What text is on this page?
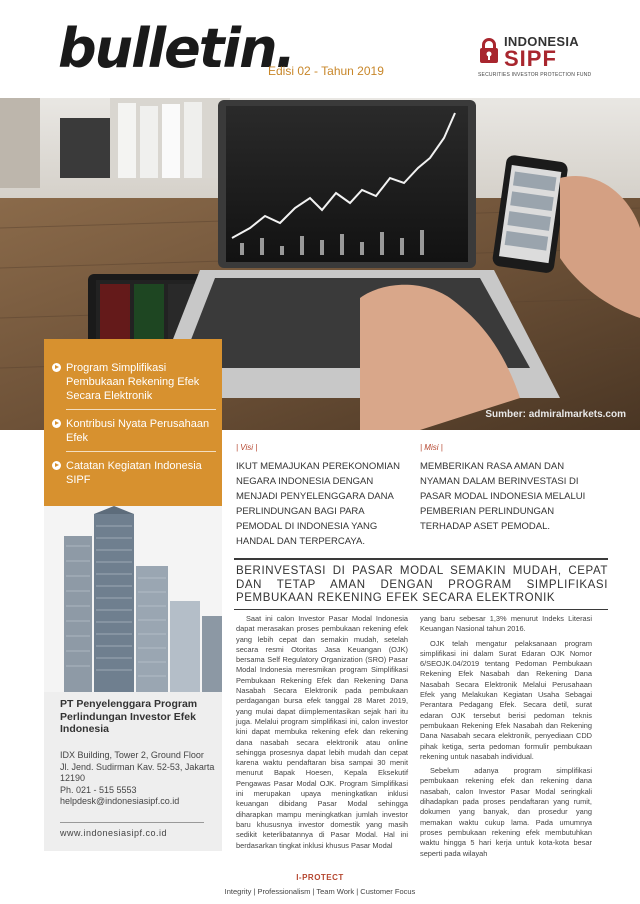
bulletin.
Edisi 02 - Tahun 2019
INDONESIA
SIPF
SECURITIES INVESTOR PROTECTION FUND
Sumber: admiralmarkets.com
Program Simplifikasi Pembukaan Rekening Efek Secara Elektronik
Kontribusi Nyata Perusahaan Efek
Catatan Kegiatan Indonesia SIPF
PT Penyelenggara Program Perlindungan Investor Efek Indonesia
IDX Building, Tower 2, Ground Floor
Jl. Jend. Sudirman Kav. 52-53, Jakarta
12190
Ph. 021 - 515 5553
helpdesk@indonesiasipf.co.id
www.indonesiasipf.co.id
| Visi |
IKUT MEMAJUKAN PEREKONOMIAN NEGARA INDONESIA DENGAN MENJADI PENYELENGGARA DANA PERLINDUNGAN BAGI PARA PEMODAL DI INDONESIA YANG HANDAL DAN TERPERCAYA.
| Misi |
MEMBERIKAN RASA AMAN DAN NYAMAN DALAM BERINVESTASI DI PASAR MODAL INDONESIA MELALUI PEMBERIAN PERLINDUNGAN TERHADAP ASET PEMODAL.
BERINVESTASI DI PASAR MODAL SEMAKIN MUDAH, CEPAT DAN TETAP AMAN DENGAN PROGRAM SIMPLIFIKASI PEMBUKAAN REKENING EFEK SECARA ELEKTRONIK

Saat ini calon Investor Pasar Modal Indonesia dapat merasakan proses pembukaan rekening efek yang lebih cepat dan semakin mudah, setelah secara resmi Otoritas Jasa Keuangan (OJK) bersama Self Regulatory Organization (SRO) Pasar Modal Indonesia meresmikan program Simplifikasi Pembukaan Rekening Efek dan Rekening Dana Nasabah Secara Elektronik pada pembukaan perdagangan bursa efek tanggal 28 Maret 2019, yang mulai dapat diimplementasikan sejak hari itu juga. Melalui program simplifikasi ini, calon investor kini dapat membuka rekening efek dan rekening dana nasabah secara elektronik atau online sehingga prosesnya dapat lebih mudah dan cepat karena waktu pendaftaran bisa sampai 30 menit menurut Bapak Hoesen, Kepala Eksekutif Pengawas Pasar Modal OJK. Program Simplifikasi ini merupakan upaya meningkatkan inklusi keuangan dibidang Pasar Modal sehingga diharapkan mampu meningkatkan jumlah investor baru khususnya investor domestik yang masih sedikit keterlibatannya di Pasar Modal. Hal ini berdasarkan tingkat inklusi khusus Pasar Modal

yang baru sebesar 1,3% menurut Indeks Literasi Keuangan Nasional tahun 2016.

OJK telah mengatur pelaksanaan program simplifikasi ini dalam Surat Edaran OJK Nomor 6/SEOJK.04/2019 tentang Pedoman Pembukaan Rekening Efek Nasabah dan Rekening Dana Nasabah Secara Elektronik Melalui Perusahaan Efek yang Melakukan Kegiatan Usaha Sebagai Perantara Pedagang Efek. Secara detil, surat edaran OJK tersebut berisi pedoman teknis pembukaan Rekening Efek Nasabah dan Rekening Dana Nasabah secara elektronik, penyediaan CDD pihak ketiga, serta pedoman formulir pembukaan rekening untuk nasabah individual.

Sebelum adanya program simplifikasi pembukaan rekening efek dan rekening dana nasabah, calon Investor Pasar Modal seringkali dihadapkan pada proses pendaftaran yang rumit, dokumen yang banyak, dan prosedur yang memakan waktu cukup lama. Pada umumnya proses pembukaan rekening efek membutuhkan waktu hingga 5 hari kerja untuk kota-kota besar seperti pada wilayah

I-PROTECT
Integrity | Professionalism | Team Work | Customer Focus
